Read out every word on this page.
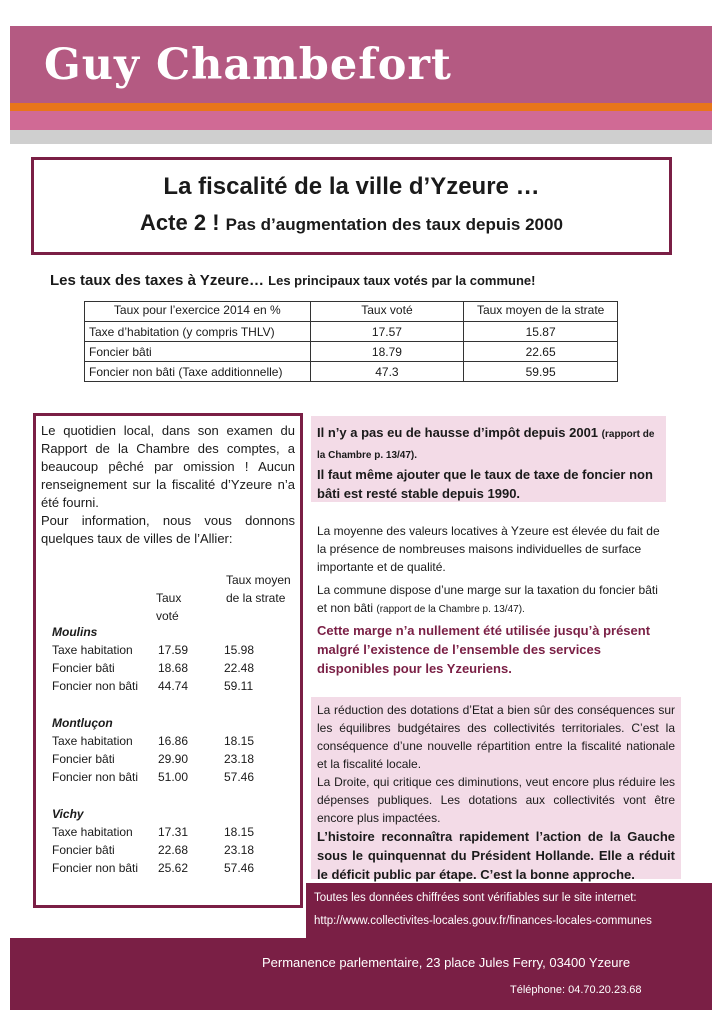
Guy Chambefort
La fiscalité de la ville d’Yzeure …
Acte 2 ! Pas d’augmentation des taux depuis 2000
Les taux des taxes à Yzeure… Les principaux taux votés par la commune!
Taux pour l’exercice 2014 en %	Taux voté	Taux moyen de la strate
Taxe d’habitation (y compris THLV)	17.57	15.87
Foncier bâti	18.79	22.65
Foncier non bâti (Taxe additionnelle)	47.3	59.95

Le quotidien local, dans son examen du Rapport de la Chambre des comptes, a beaucoup pêché par omission ! Aucun renseignement sur la fiscalité d’Yzeure n’a été fourni.

Pour information, nous vous donnons quelques taux de villes de l’Allier:

Taux voté
Taux moyen de la strate
Moulins
Taxe habitation 17.59	15.98
Foncier bâti	18.68	22.48
Foncier non bâti 44.74	59.11
Montluçon
Taxe habitation 16.86	18.15
Foncier bâti	29.90	23.18
Foncier non bâti 51.00	57.46
Vichy
Taxe habitation 17.31	18.15
Foncier bâti	22.68	23.18
Foncier non bâti 25.62	57.46
Il n’y a pas eu de hausse d’impôt depuis 2001 (rapport de la Chambre p. 13/47).
Il faut même ajouter que le taux de taxe de foncier non bâti est resté stable depuis 1990.
La moyenne des valeurs locatives à Yzeure est élevée du fait de la présence de nombreuses maisons individuelles de surface importante et de qualité.
La commune dispose d’une marge sur la taxation du foncier bâti et non bâti (rapport de la Chambre p. 13/47).
Cette marge n’a nullement été utilisée jusqu’à présent malgré l’existence de l’ensemble des services disponibles pour les Yzeuriens.
La réduction des dotations d’Etat a bien sûr des conséquences sur les équilibres budgétaires des collectivités territoriales. C’est la conséquence d’une nouvelle répartition entre la fiscalité nationale et la fiscalité locale.
La Droite, qui critique ces diminutions, veut encore plus réduire les dépenses publiques. Les dotations aux collectivités vont être encore plus impactées.
L’histoire reconnaîtra rapidement l’action de la Gauche sous le quinquennat du Président Hollande. Elle a réduit le déficit public par étape. C’est la bonne approche.
Toutes les données chiffrées sont vérifiables sur le site internet:
http://www.collectivites-locales.gouv.fr/finances-locales-communes
Permanence parlementaire, 23 place Jules Ferry, 03400 Yzeure
Téléphone: 04.70.20.23.68
